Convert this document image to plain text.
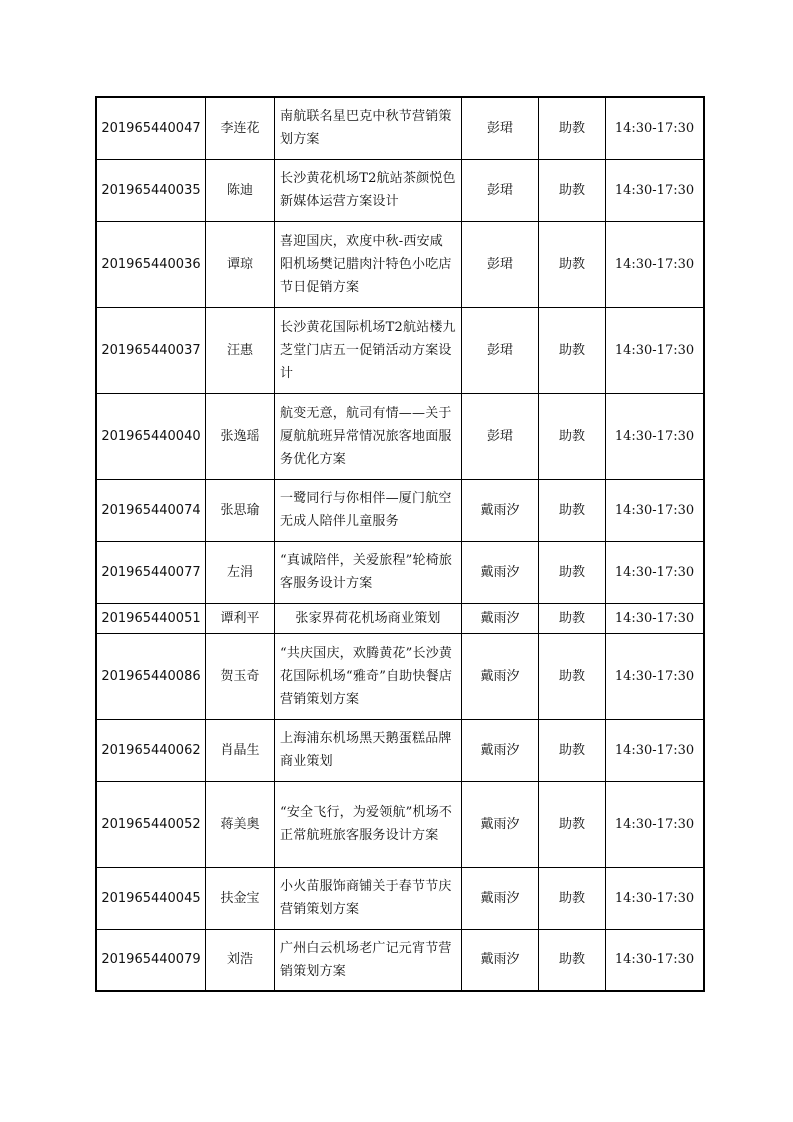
201965440047	李连花	南航联名星巴克中秋节营销策划方案	彭珺	助教	14:30-17:30
201965440035	陈迪	长沙黄花机场T2航站茶颜悦色新媒体运营方案设计	彭珺	助教	14:30-17:30
201965440036	谭琼	喜迎国庆，欢度中秋-西安咸阳机场樊记腊肉汁特色小吃店节日促销方案	彭珺	助教	14:30-17:30
201965440037	汪惠	长沙黄花国际机场T2航站楼九芝堂门店五一促销活动方案设计	彭珺	助教	14:30-17:30
201965440040	张逸瑶	航变无意，航司有情——关于厦航航班异常情况旅客地面服务优化方案	彭珺	助教	14:30-17:30
201965440074	张思瑜	一鹭同行与你相伴—厦门航空无成人陪伴儿童服务	戴雨汐	助教	14:30-17:30
201965440077	左涓	“真诚陪伴，关爱旅程”轮椅旅客服务设计方案	戴雨汐	助教	14:30-17:30
201965440051	谭利平	张家界荷花机场商业策划	戴雨汐	助教	14:30-17:30
201965440086	贺玉奇	“共庆国庆，欢腾黄花”长沙黄花国际机场“雅奇”自助快餐店营销策划方案	戴雨汐	助教	14:30-17:30
201965440062	肖晶生	上海浦东机场黑天鹅蛋糕品牌商业策划	戴雨汐	助教	14:30-17:30
201965440052	蒋美奥	“安全飞行，为爱领航”机场不正常航班旅客服务设计方案	戴雨汐	助教	14:30-17:30
201965440045	扶金宝	小火苗服饰商铺关于春节节庆营销策划方案	戴雨汐	助教	14:30-17:30
201965440079	刘浩	广州白云机场老广记元宵节营销策划方案	戴雨汐	助教	14:30-17:30
